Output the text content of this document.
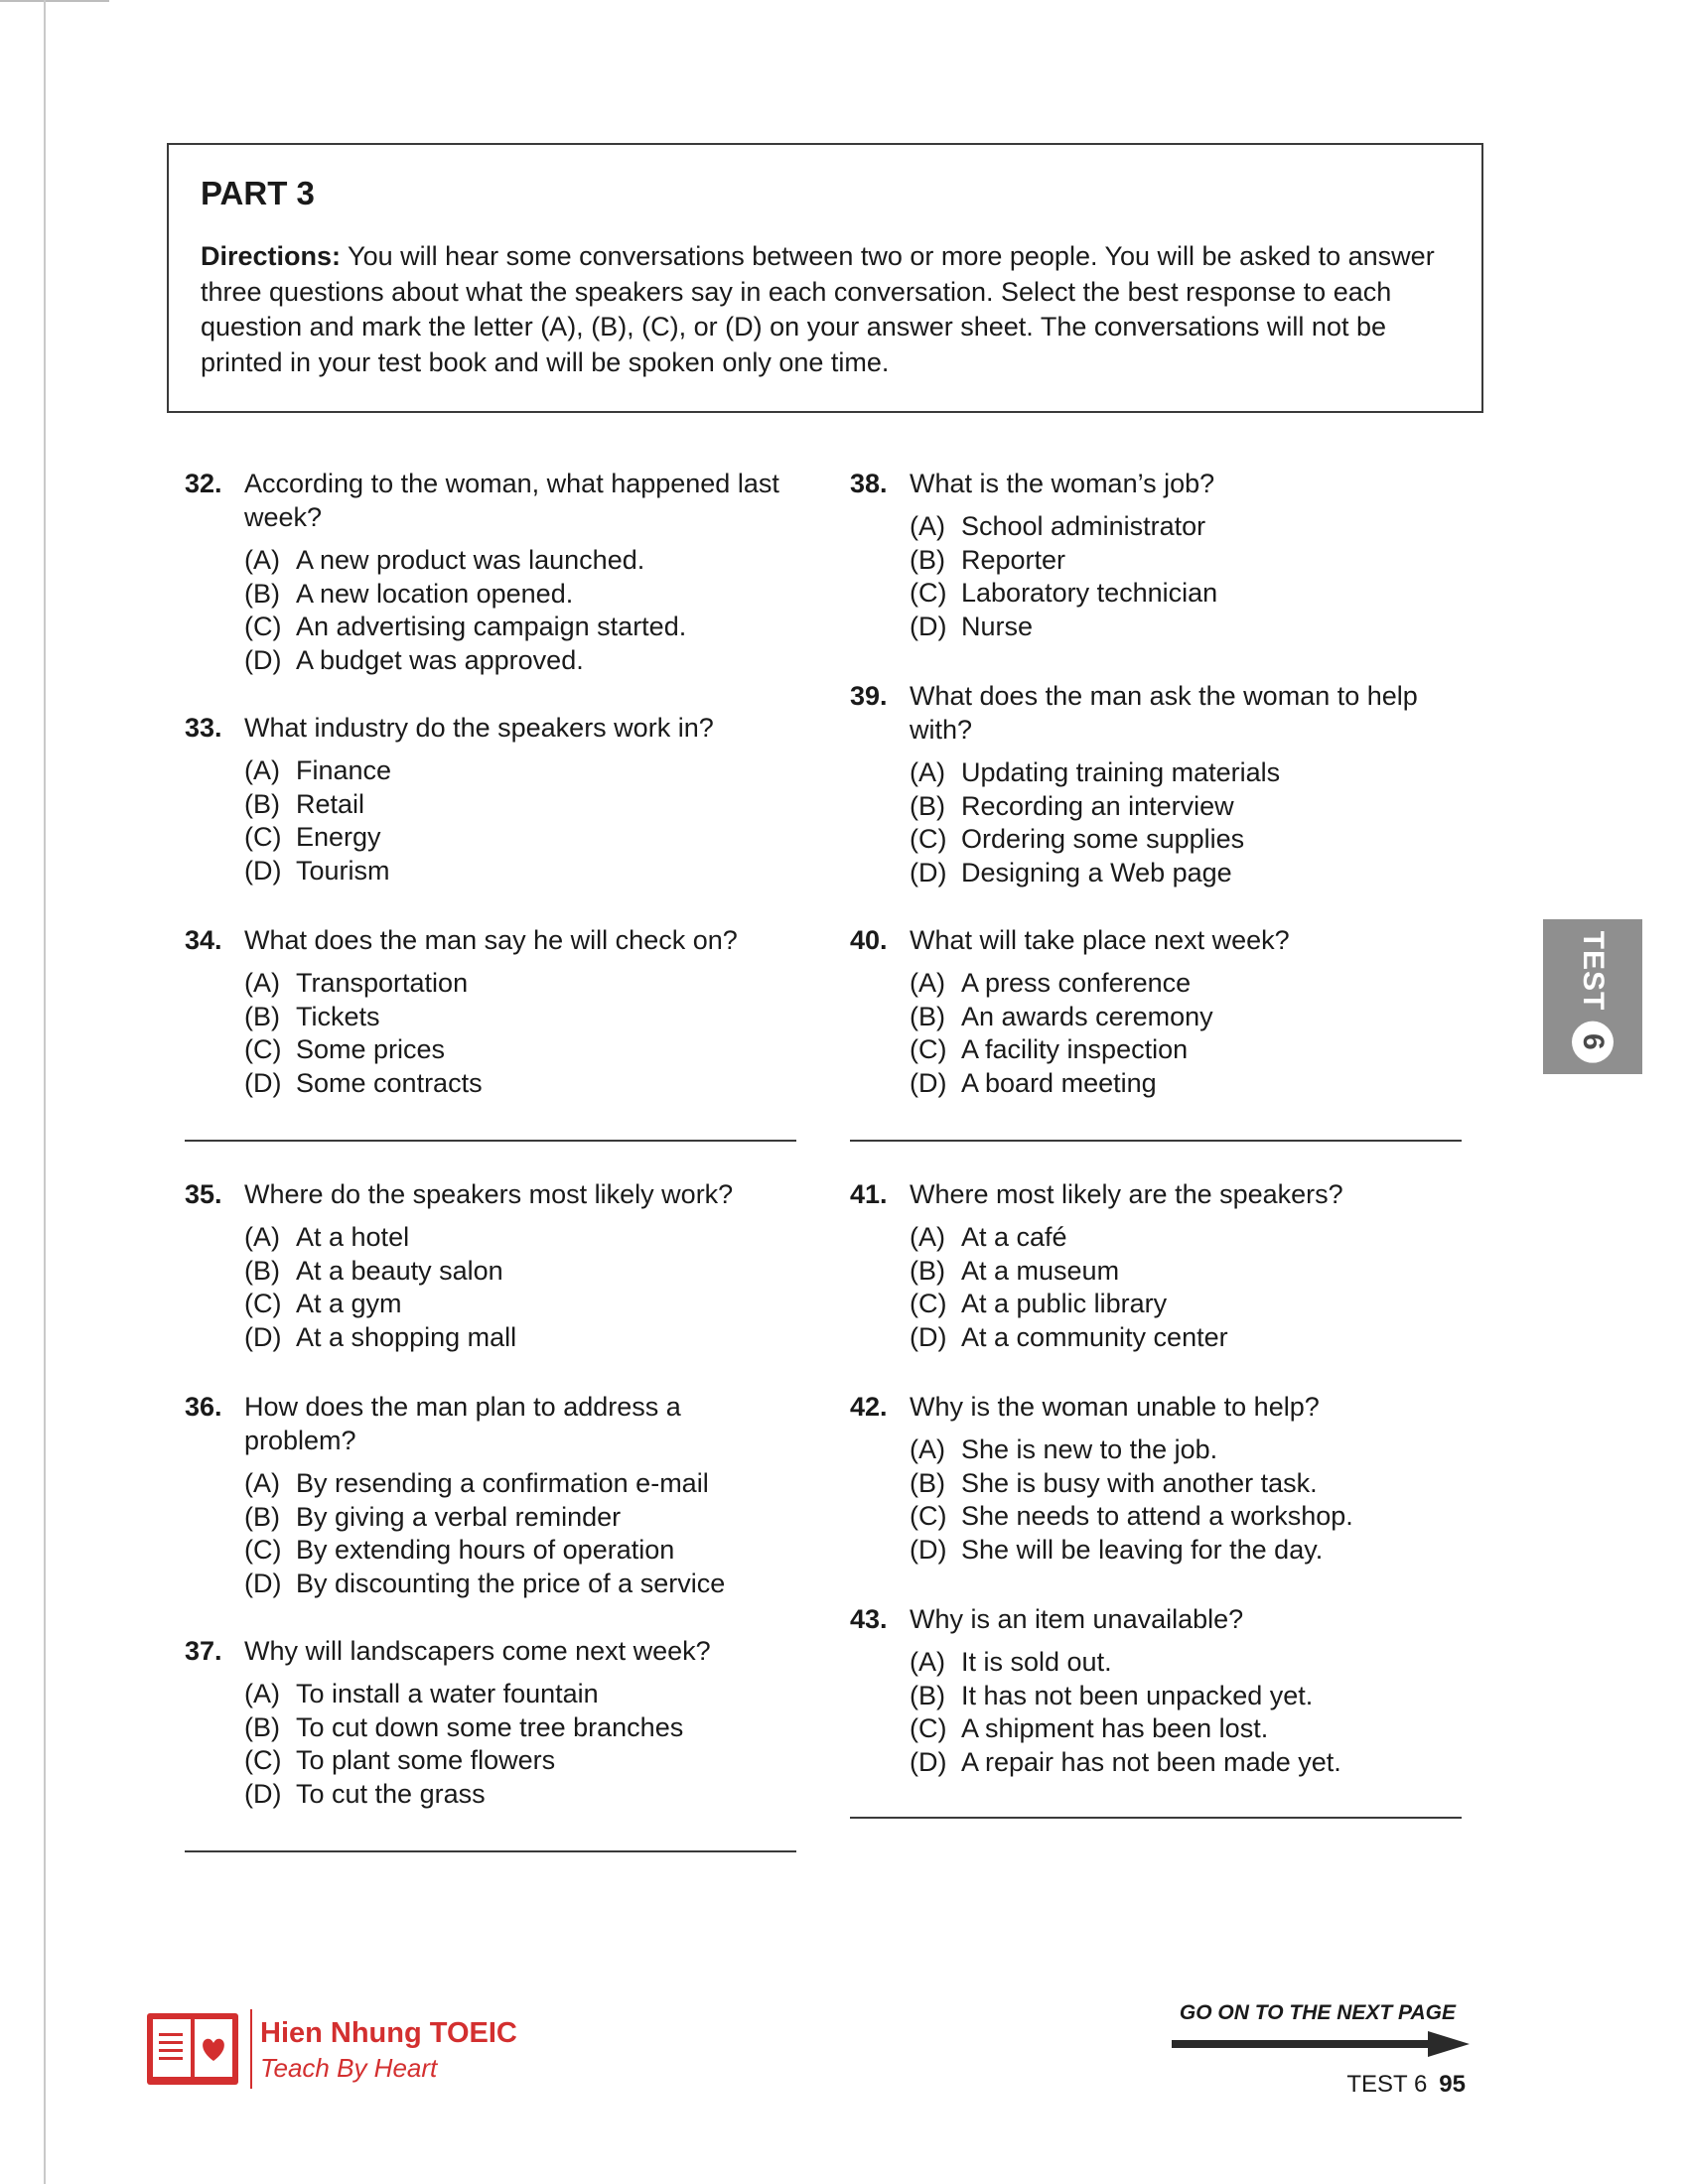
PART 3

Directions: You will hear some conversations between two or more people. You will be asked to answer three questions about what the speakers say in each conversation. Select the best response to each question and mark the letter (A), (B), (C), or (D) on your answer sheet. The conversations will not be printed in your test book and will be spoken only one time.

32. According to the woman, what happened last week?
(A) A new product was launched.
(B) A new location opened.
(C) An advertising campaign started.
(D) A budget was approved.
33. What industry do the speakers work in?
(A) Finance
(B) Retail
(C) Energy
(D) Tourism
34. What does the man say he will check on?
(A) Transportation
(B) Tickets
(C) Some prices
(D) Some contracts
35. Where do the speakers most likely work?
(A) At a hotel
(B) At a beauty salon
(C) At a gym
(D) At a shopping mall
36. How does the man plan to address a problem?
(A) By resending a confirmation e-mail
(B) By giving a verbal reminder
(C) By extending hours of operation
(D) By discounting the price of a service
37. Why will landscapers come next week?
(A) To install a water fountain
(B) To cut down some tree branches
(C) To plant some flowers
(D) To cut the grass
38. What is the woman’s job?
(A) School administrator
(B) Reporter
(C) Laboratory technician
(D) Nurse
39. What does the man ask the woman to help with?
(A) Updating training materials
(B) Recording an interview
(C) Ordering some supplies
(D) Designing a Web page
40. What will take place next week?
(A) A press conference
(B) An awards ceremony
(C) A facility inspection
(D) A board meeting
41. Where most likely are the speakers?
(A) At a café
(B) At a museum
(C) At a public library
(D) At a community center
42. Why is the woman unable to help?
(A) She is new to the job.
(B) She is busy with another task.
(C) She needs to attend a workshop.
(D) She will be leaving for the day.
43. Why is an item unavailable?
(A) It is sold out.
(B) It has not been unpacked yet.
(C) A shipment has been lost.
(D) A repair has not been made yet.
TEST
6
Hien Nhung TOEIC
Teach By Heart
GO ON TO THE NEXT PAGE
TEST 6 95
